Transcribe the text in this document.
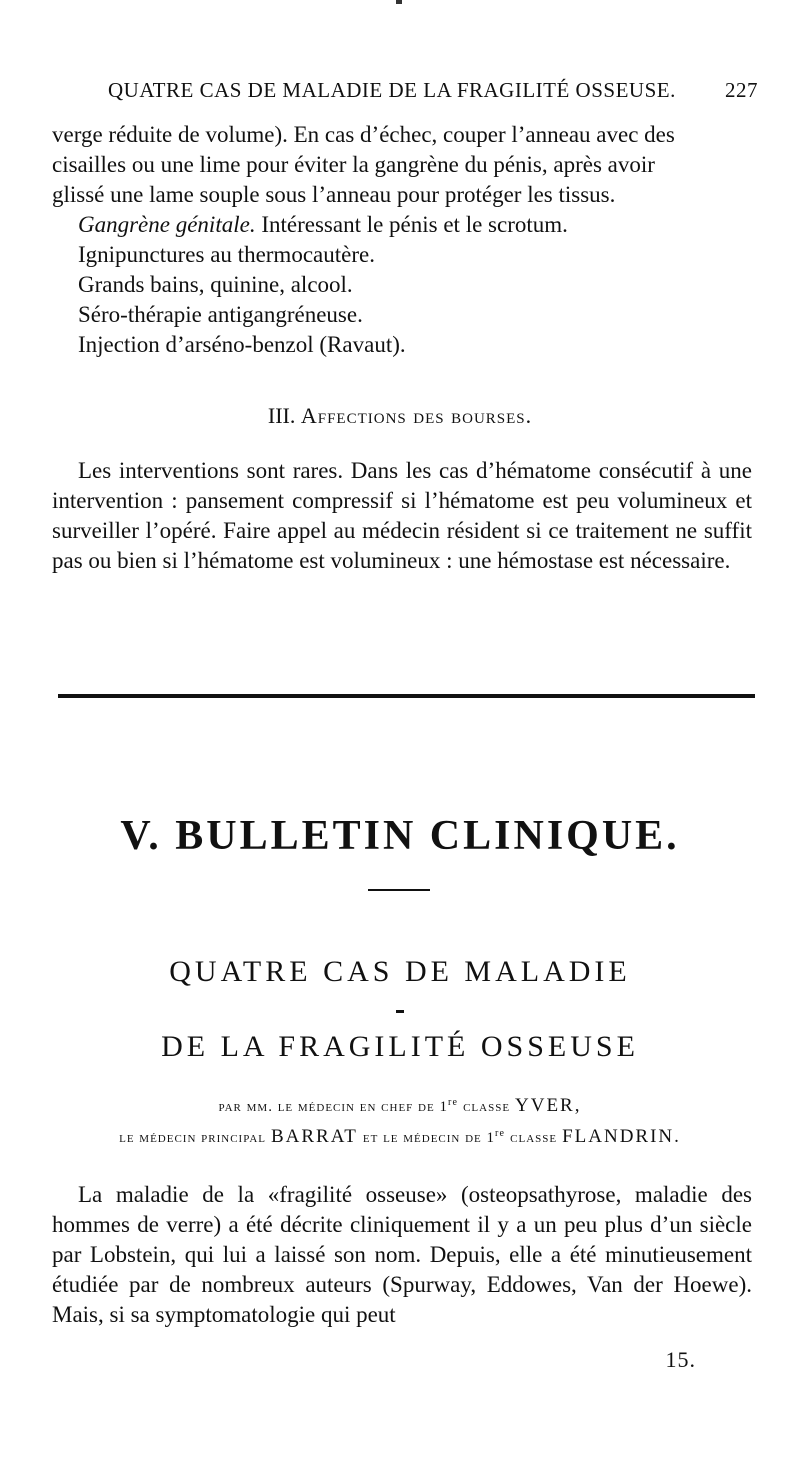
QUATRE CAS DE MALADIE DE LA FRAGILITÉ OSSEUSE. 227
verge réduite de volume). En cas d’échec, couper l’anneau avec des
cisailles ou une lime pour éviter la gangrène du pénis, après avoir
glissé une lame souple sous l’anneau pour protéger les tissus.
Gangrène génitale. Intéressant le pénis et le scrotum.
Ignipunctures au thermocautère.
Grands bains, quinine, alcool.
Séro-thérapie antigangréneuse.
Injection d’arséno-benzol (Ravaut).
III. Affections des bourses.

Les interventions sont rares. Dans les cas d’hématome consécutif à une intervention : pansement compressif si l’hématome est peu volumineux et surveiller l’opéré. Faire appel au médecin résident si ce traitement ne suffit pas ou bien si l’hématome est volumineux : une hémostase est nécessaire.

V. BULLETIN CLINIQUE.
QUATRE CAS DE MALADIE
DE LA FRAGILITÉ OSSEUSE
par mm. le médecin en chef de 1re classe YVER,
le médecin principal BARRAT et le médecin de 1re classe FLANDRIN.

La maladie de la «fragilité osseuse» (osteopsathyrose, maladie des hommes de verre) a été décrite cliniquement il y a un peu plus d’un siècle par Lobstein, qui lui a laissé son nom. Depuis, elle a été minutieusement étudiée par de nombreux auteurs (Spurway, Eddowes, Van der Hoewe). Mais, si sa symptomatologie qui peut

15.
